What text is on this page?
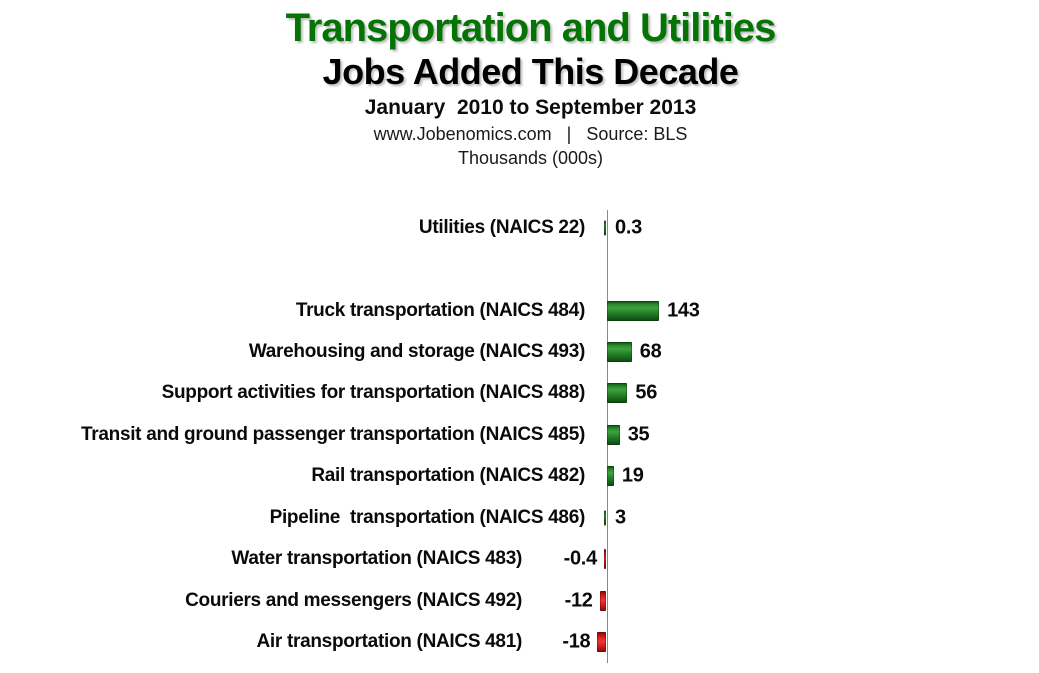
Transportation and Utilities
Jobs Added This Decade
January  2010 to September 2013
www.Jobenomics.com   |   Source: BLS
Thousands (000s)
Utilities (NAICS 22) 0.3
Truck transportation (NAICS 484)	143
Warehousing and storage (NAICS 493)	68
Support activities for transportation (NAICS 488)	56
Transit and ground passenger transportation (NAICS 485) 35
Rail transportation (NAICS 482) 19
Pipeline  transportation (NAICS 486) 3
Water transportation (NAICS 483)	-0.4
Couriers and messengers (NAICS 492)	-12
Air transportation (NAICS 481)	-18
